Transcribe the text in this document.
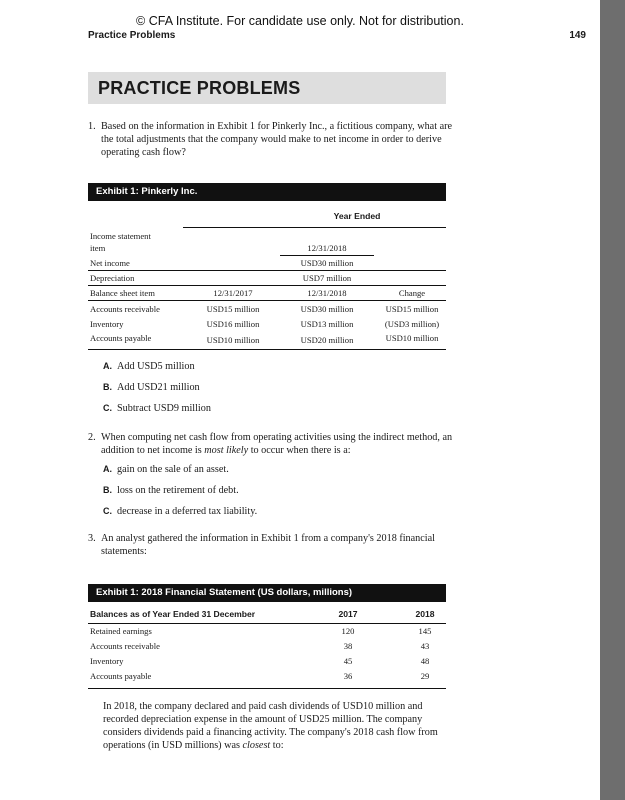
© CFA Institute. For candidate use only. Not for distribution.
Practice Problems	149
PRACTICE PROBLEMS
1. Based on the information in Exhibit 1 for Pinkerly Inc., a fictitious company, what are the total adjustments that the company would make to net income in order to derive operating cash flow?
Exhibit 1: Pinkerly Inc.
Year Ended
Income statement
item	12/31/2018
Net income	USD30 million
Depreciation	USD7 million
Balance sheet item	12/31/2017	12/31/2018	Change
Accounts receivable	USD15 million	USD30 million	USD15 million
Inventory	USD16 million	USD13 million	(USD3 million)
Accounts payable	USD10 million	USD20 million	USD10 million
A. Add USD5 million
B. Add USD21 million
C. Subtract USD9 million
2. When computing net cash flow from operating activities using the indirect method, an addition to net income is most likely to occur when there is a:
A. gain on the sale of an asset.
B. loss on the retirement of debt.
C. decrease in a deferred tax liability.
3. An analyst gathered the information in Exhibit 1 from a company's 2018 financial statements:
Exhibit 1: 2018 Financial Statement (US dollars, millions)
Balances as of Year Ended 31 December	2017	2018
Retained earnings	120	145
Accounts receivable	38	43
Inventory	45	48
Accounts payable	36	29
In 2018, the company declared and paid cash dividends of USD10 million and recorded depreciation expense in the amount of USD25 million. The company considers dividends paid a financing activity. The company's 2018 cash flow from operations (in USD millions) was closest to:
